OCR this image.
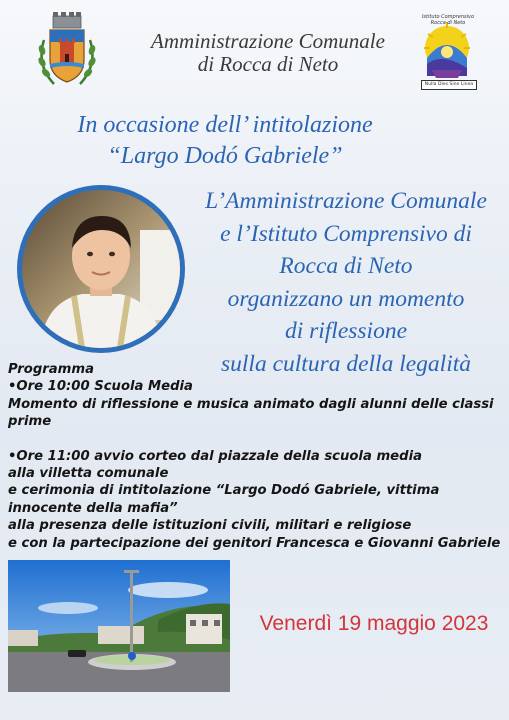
Amministrazione Comunale
di Rocca di Neto
Istituto Comprensivo Rocca di Neto
Nulla Dies Sine Linea
In occasione dell’ intitolazione
“Largo Dodó Gabriele”
L’Amministrazione Comunale
e l’Istituto Comprensivo di
Rocca di Neto
organizzano un momento
di riflessione
sulla cultura della legalità

Programma

•Ore 10:00 Scuola Media

Momento di riflessione e musica animato dagli alunni delle classi prime

•Ore 11:00 avvio corteo dal piazzale della scuola media

alla villetta comunale

e cerimonia di intitolazione “Largo Dodó Gabriele, vittima innocente della mafia”

alla presenza delle istituzioni civili, militari e religiose

e con la partecipazione dei genitori Francesca e Giovanni Gabriele

Venerdì 19 maggio 2023
